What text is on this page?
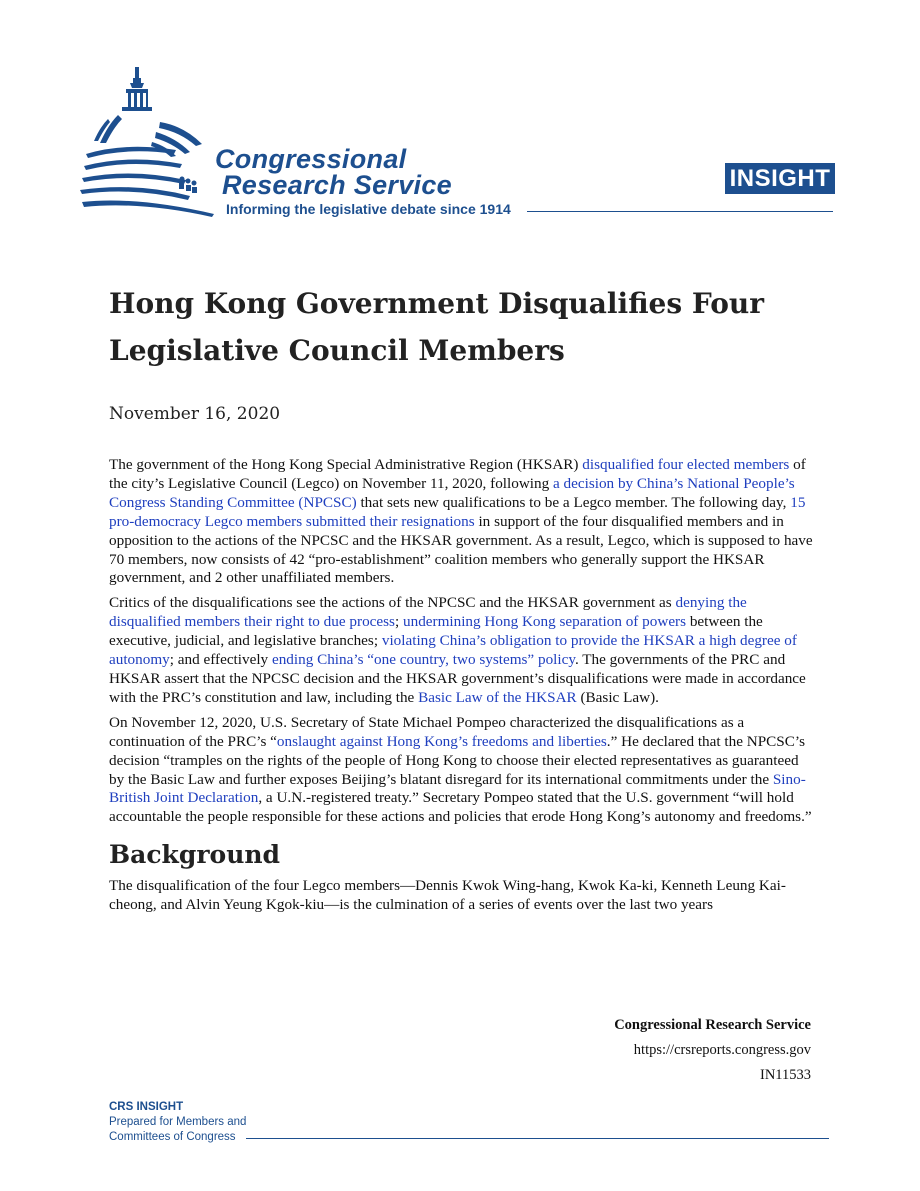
Congressional
Research Service
Informing the legislative debate since 1914
INSIGHT
Hong Kong Government Disqualifies Four Legislative Council Members
November 16, 2020

The government of the Hong Kong Special Administrative Region (HKSAR) disqualified four elected members of the city’s Legislative Council (Legco) on November 11, 2020, following a decision by China’s National People’s Congress Standing Committee (NPCSC) that sets new qualifications to be a Legco member. The following day, 15 pro-democracy Legco members submitted their resignations in support of the four disqualified members and in opposition to the actions of the NPCSC and the HKSAR government. As a result, Legco, which is supposed to have 70 members, now consists of 42 “pro-establishment” coalition members who generally support the HKSAR government, and 2 other unaffiliated members.

Critics of the disqualifications see the actions of the NPCSC and the HKSAR government as denying the disqualified members their right to due process; undermining Hong Kong separation of powers between the executive, judicial, and legislative branches; violating China’s obligation to provide the HKSAR a high degree of autonomy; and effectively ending China’s “one country, two systems” policy. The governments of the PRC and HKSAR assert that the NPCSC decision and the HKSAR government’s disqualifications were made in accordance with the PRC’s constitution and law, including the Basic Law of the HKSAR (Basic Law).

On November 12, 2020, U.S. Secretary of State Michael Pompeo characterized the disqualifications as a continuation of the PRC’s “onslaught against Hong Kong’s freedoms and liberties.” He declared that the NPCSC’s decision “tramples on the rights of the people of Hong Kong to choose their elected representatives as guaranteed by the Basic Law and further exposes Beijing’s blatant disregard for its international commitments under the Sino-British Joint Declaration, a U.N.-registered treaty.” Secretary Pompeo stated that the U.S. government “will hold accountable the people responsible for these actions and policies that erode Hong Kong’s autonomy and freedoms.”

Background

The disqualification of the four Legco members—Dennis Kwok Wing-hang, Kwok Ka-ki, Kenneth Leung Kai-cheong, and Alvin Yeung Kgok-kiu—is the culmination of a series of events over the last two years

Congressional Research Service
https://crsreports.congress.gov
IN11533
CRS INSIGHT
Prepared for Members and
Committees of Congress
